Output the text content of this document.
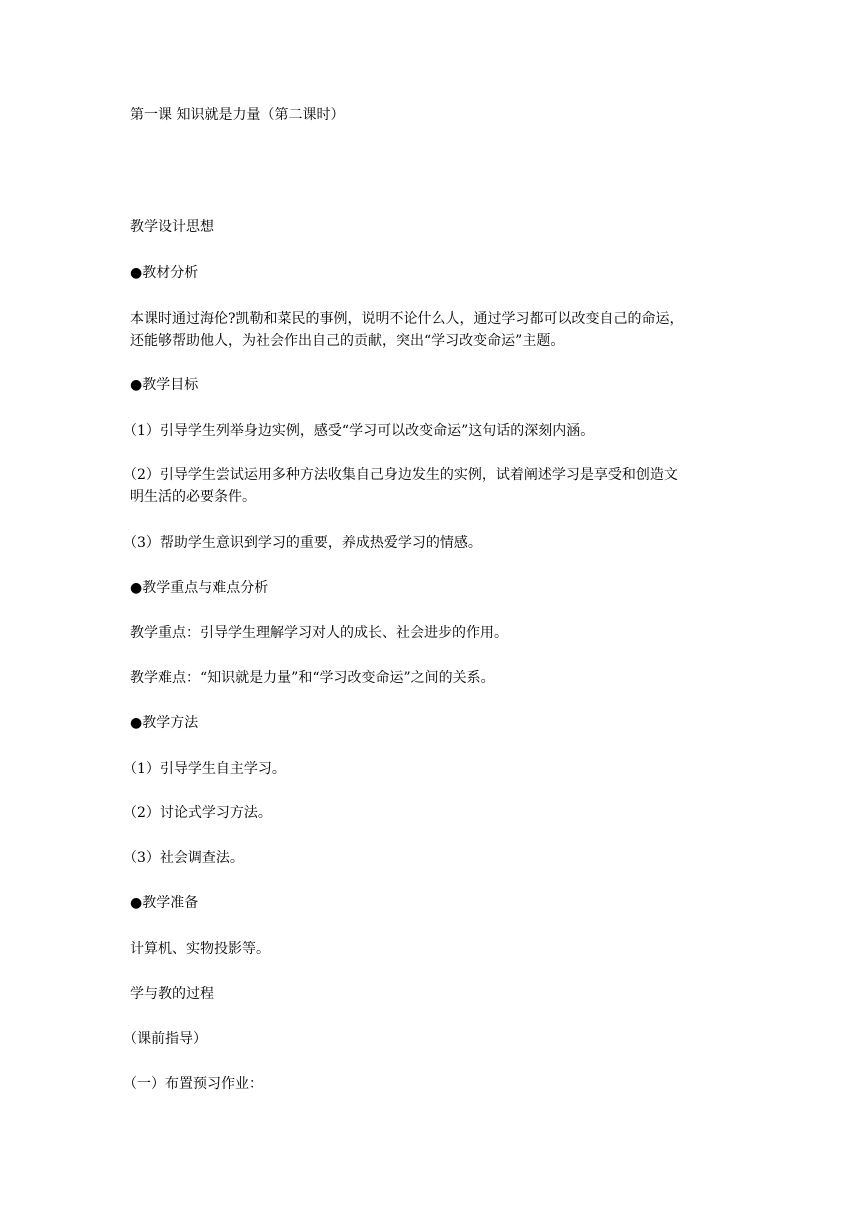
第一课 知识就是力量（第二课时）
教学设计思想
●教材分析
本课时通过海伦?凯勒和菜民的事例，说明不论什么人，通过学习都可以改变自己的命运，
还能够帮助他人，为社会作出自己的贡献，突出“学习改变命运”主题。
●教学目标
（1）引导学生列举身边实例，感受“学习可以改变命运”这句话的深刻内涵。
（2）引导学生尝试运用多种方法收集自己身边发生的实例，试着阐述学习是享受和创造文
明生活的必要条件。
（3）帮助学生意识到学习的重要，养成热爱学习的情感。
●教学重点与难点分析
教学重点：引导学生理解学习对人的成长、社会进步的作用。
教学难点：“知识就是力量”和“学习改变命运”之间的关系。
●教学方法
（1）引导学生自主学习。
（2）讨论式学习方法。
（3）社会调查法。
●教学准备
计算机、实物投影等。
学与教的过程
（课前指导）
（一）布置预习作业：
